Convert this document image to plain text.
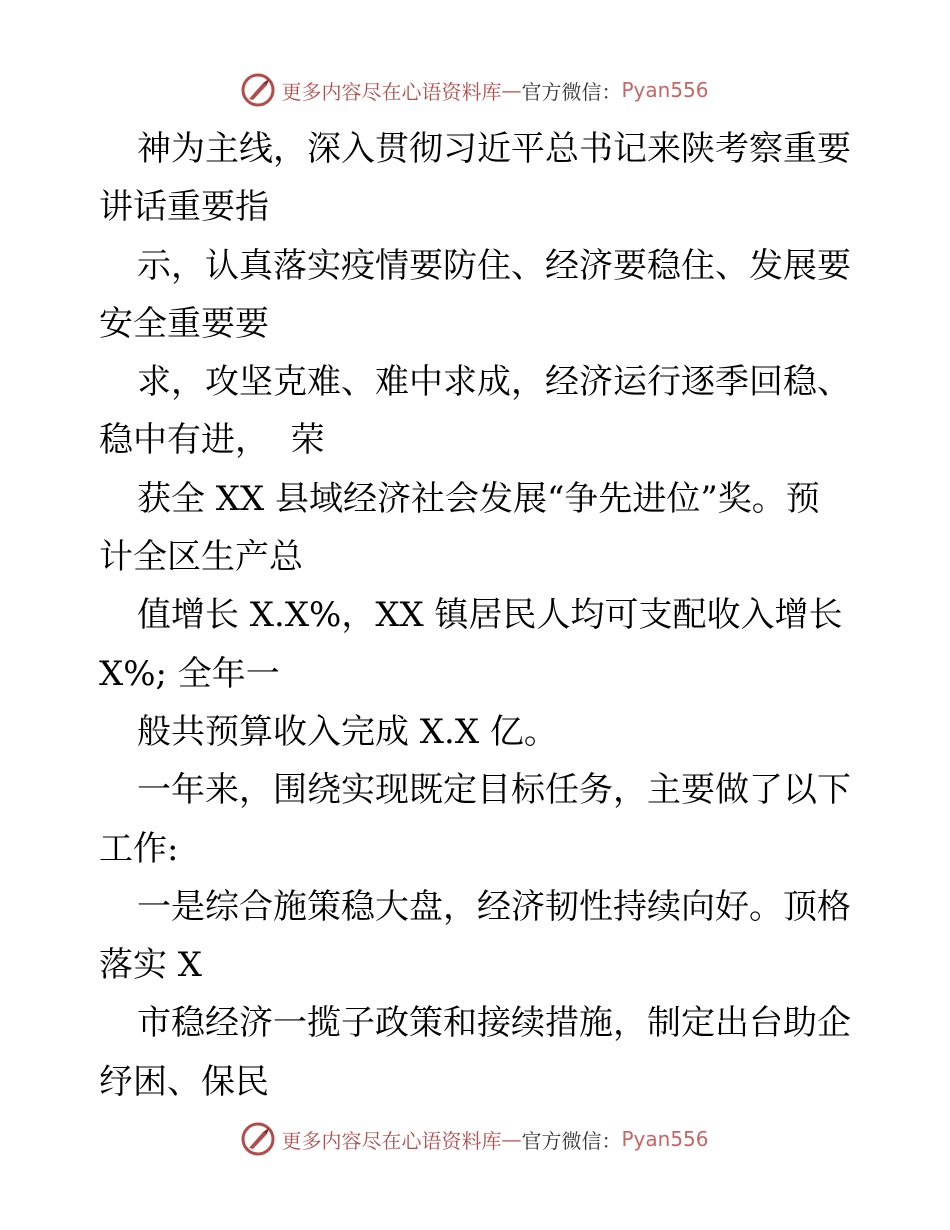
更多内容尽在心语资料库 — 官方微信： Pyan556
神为主线，深入贯彻习近平总书记来陕考察重要
讲话重要指
示，认真落实疫情要防住、经济要稳住、发展要
安全重要要
求，攻坚克难、难中求成，经济运行逐季回稳、
稳中有进，  荣
获全 XX 县域经济社会发展“争先进位”奖。预
计全区生产总
值增长 X.X%，XX 镇居民人均可支配收入增长
X%; 全年一
般共预算收入完成 X.X 亿。
一年来，围绕实现既定目标任务，主要做了以下
工作:
一是综合施策稳大盘，经济韧性持续向好。顶格
落实 X
市稳经济一揽子政策和接续措施，制定出台助企
纾困、保民
更多内容尽在心语资料库 — 官方微信： Pyan556
